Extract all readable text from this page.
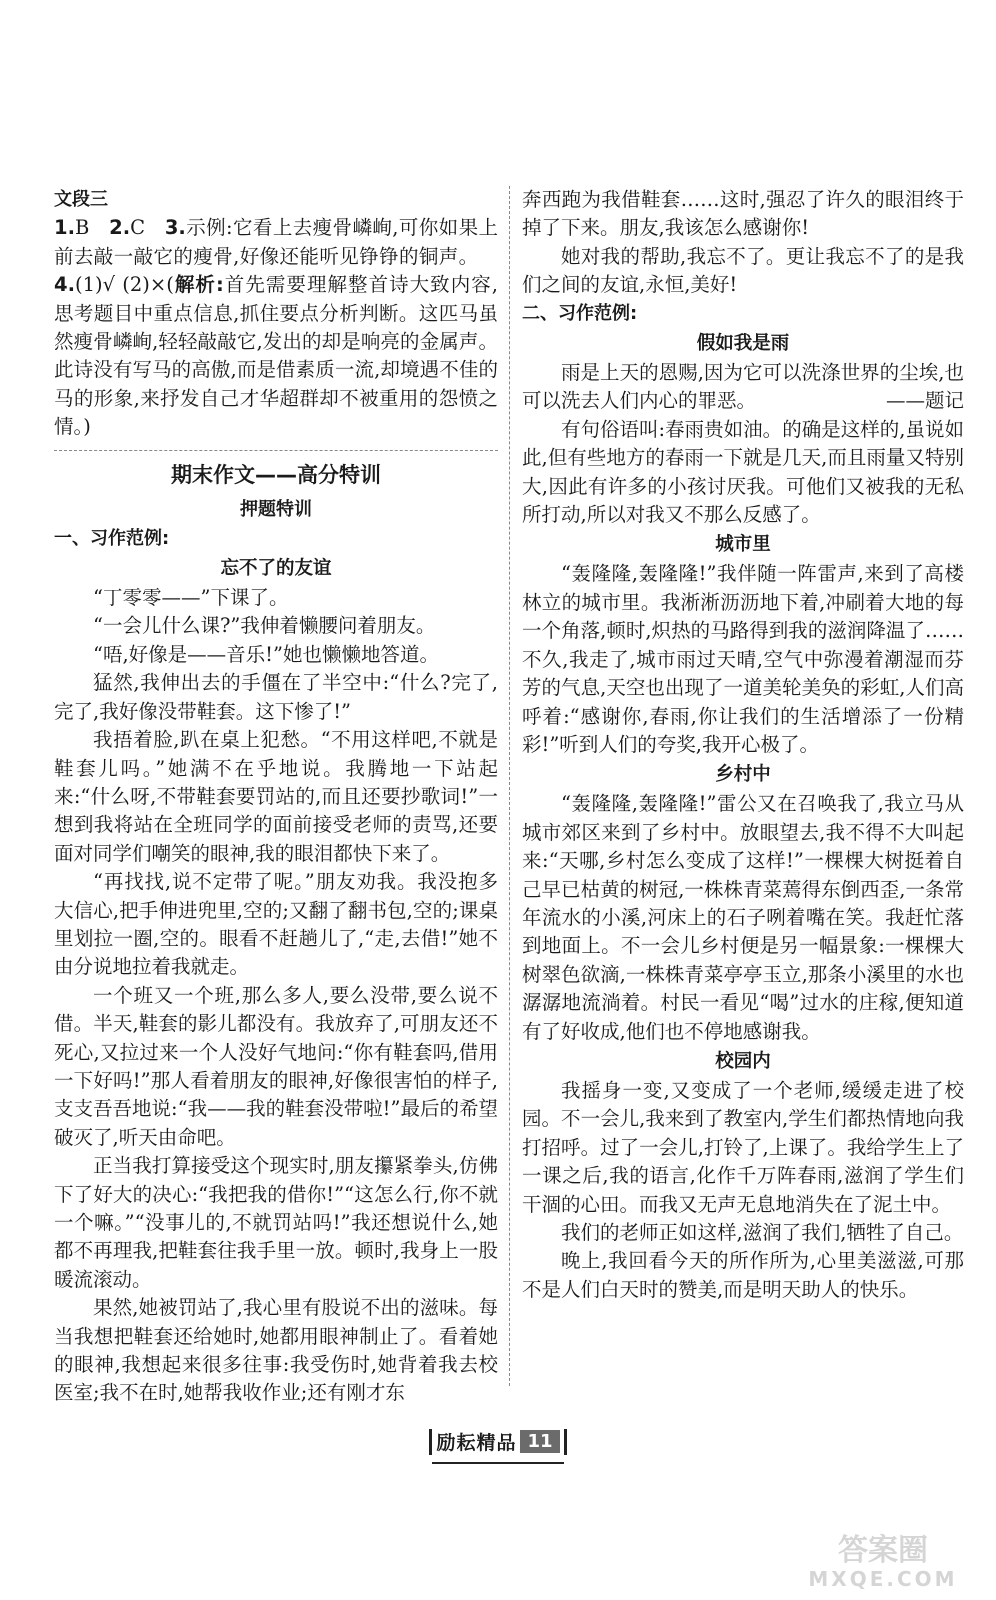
文段三

1.B 2.C 3.示例:它看上去瘦骨嶙峋,可你如果上前去敲一敲它的瘦骨,好像还能听见铮铮的铜声。    4.(1)√ (2)×(解析:首先需要理解整首诗大致内容,思考题目中重点信息,抓住要点分析判断。这匹马虽然瘦骨嶙峋,轻轻敲敲它,发出的却是响亮的金属声。此诗没有写马的高傲,而是借素质一流,却境遇不佳的马的形象,来抒发自己才华超群却不被重用的怨愤之情。)

期末作文——高分特训

押题特训

一、习作范例:

忘不了的友谊

“丁零零——”下课了。

“一会儿什么课?”我伸着懒腰问着朋友。

“唔,好像是——音乐!”她也懒懒地答道。

猛然,我伸出去的手僵在了半空中:“什么?完了,完了,我好像没带鞋套。这下惨了!”

我捂着脸,趴在桌上犯愁。“不用这样吧,不就是鞋套儿吗。”她满不在乎地说。我腾地一下站起来:“什么呀,不带鞋套要罚站的,而且还要抄歌词!”一想到我将站在全班同学的面前接受老师的责骂,还要面对同学们嘲笑的眼神,我的眼泪都快下来了。

“再找找,说不定带了呢。”朋友劝我。我没抱多大信心,把手伸进兜里,空的;又翻了翻书包,空的;课桌里划拉一圈,空的。眼看不赶趟儿了,“走,去借!”她不由分说地拉着我就走。

一个班又一个班,那么多人,要么没带,要么说不借。半天,鞋套的影儿都没有。我放弃了,可朋友还不死心,又拉过来一个人没好气地问:“你有鞋套吗,借用一下好吗!”那人看着朋友的眼神,好像很害怕的样子,支支吾吾地说:“我——我的鞋套没带啦!”最后的希望破灭了,听天由命吧。

正当我打算接受这个现实时,朋友攥紧拳头,仿佛下了好大的决心:“我把我的借你!”“这怎么行,你不就一个嘛。”“没事儿的,不就罚站吗!”我还想说什么,她都不再理我,把鞋套往我手里一放。顿时,我身上一股暖流滚动。

果然,她被罚站了,我心里有股说不出的滋味。每当我想把鞋套还给她时,她都用眼神制止了。看着她的眼神,我想起来很多往事:我受伤时,她背着我去校医室;我不在时,她帮我收作业;还有刚才东

奔西跑为我借鞋套……这时,强忍了许久的眼泪终于掉了下来。朋友,我该怎么感谢你!

她对我的帮助,我忘不了。更让我忘不了的是我们之间的友谊,永恒,美好!

二、习作范例:

假如我是雨

雨是上天的恩赐,因为它可以洗涤世界的尘埃,也可以洗去人们内心的罪恶。	——题记

有句俗语叫:春雨贵如油。的确是这样的,虽说如此,但有些地方的春雨一下就是几天,而且雨量又特别大,因此有许多的小孩讨厌我。可他们又被我的无私所打动,所以对我又不那么反感了。

城市里

“轰隆隆,轰隆隆!”我伴随一阵雷声,来到了高楼林立的城市里。我淅淅沥沥地下着,冲刷着大地的每一个角落,顿时,炽热的马路得到我的滋润降温了……不久,我走了,城市雨过天晴,空气中弥漫着潮湿而芬芳的气息,天空也出现了一道美轮美奂的彩虹,人们高呼着:“感谢你,春雨,你让我们的生活增添了一份精彩!”听到人们的夸奖,我开心极了。

乡村中

“轰隆隆,轰隆隆!”雷公又在召唤我了,我立马从城市郊区来到了乡村中。放眼望去,我不得不大叫起来:“天哪,乡村怎么变成了这样!”一棵棵大树挺着自己早已枯黄的树冠,一株株青菜蔫得东倒西歪,一条常年流水的小溪,河床上的石子咧着嘴在笑。我赶忙落到地面上。不一会儿乡村便是另一幅景象:一棵棵大树翠色欲滴,一株株青菜亭亭玉立,那条小溪里的水也潺潺地流淌着。村民一看见“喝”过水的庄稼,便知道有了好收成,他们也不停地感谢我。

校园内

我摇身一变,又变成了一个老师,缓缓走进了校园。不一会儿,我来到了教室内,学生们都热情地向我打招呼。过了一会儿,打铃了,上课了。我给学生上了一课之后,我的语言,化作千万阵春雨,滋润了学生们干涸的心田。而我又无声无息地消失在了泥土中。

我们的老师正如这样,滋润了我们,牺牲了自己。

晚上,我回看今天的所作所为,心里美滋滋,可那不是人们白天时的赞美,而是明天助人的快乐。

励耘精品 11
答案圈
MXQE.COM
